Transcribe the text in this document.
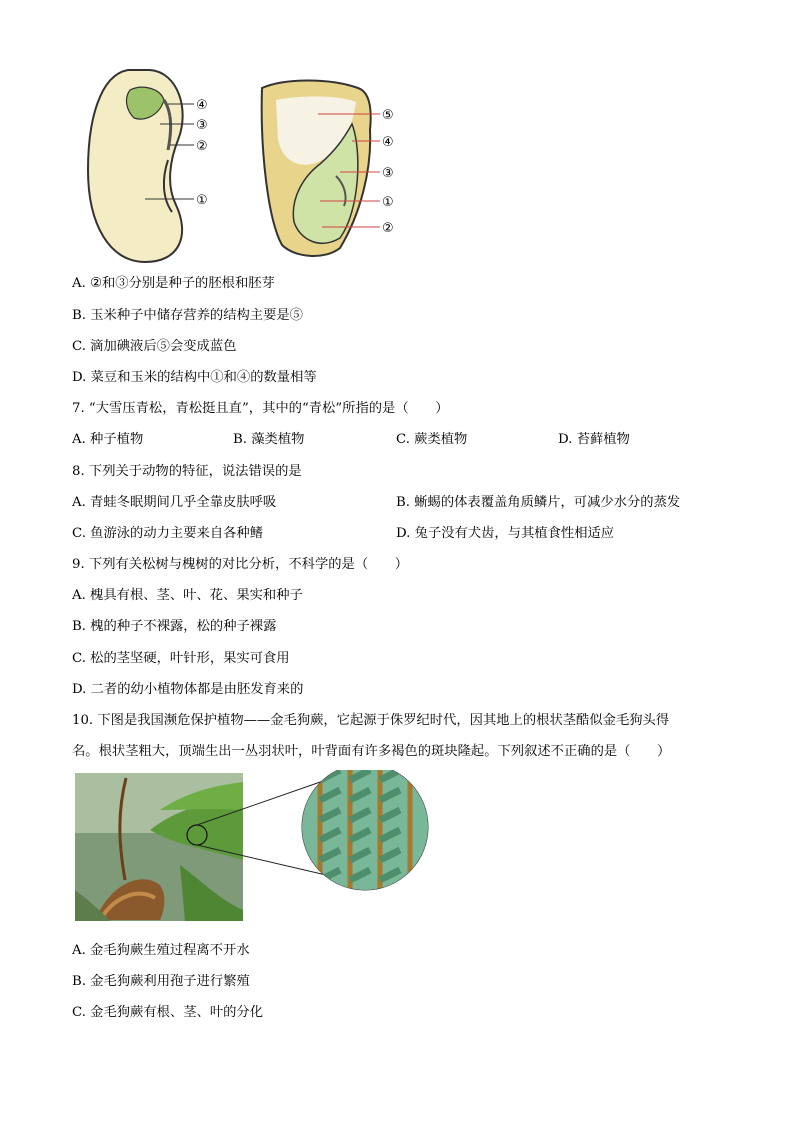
④
③
②
①
⑤
④
③
①
②
A. ②和③分别是种子的胚根和胚芽
B. 玉米种子中储存营养的结构主要是⑤
C. 滴加碘液后⑤会变成蓝色
D. 菜豆和玉米的结构中①和④的数量相等
7. “大雪压青松，青松挺且直”，其中的“青松”所指的是（　　）
A. 种子植物	B. 藻类植物	C. 蕨类植物	D. 苔藓植物
8. 下列关于动物的特征，说法错误的是
A. 青蛙冬眠期间几乎全靠皮肤呼吸	B. 蜥蜴的体表覆盖角质鳞片，可减少水分的蒸发
C. 鱼游泳的动力主要来自各种鳍	D. 兔子没有犬齿，与其植食性相适应
9. 下列有关松树与槐树的对比分析，不科学的是（　　）
A. 槐具有根、茎、叶、花、果实和种子
B. 槐的种子不裸露，松的种子裸露
C. 松的茎坚硬，叶针形，果实可食用
D. 二者的幼小植物体都是由胚发育来的
10. 下图是我国濒危保护植物——金毛狗蕨，它起源于侏罗纪时代，因其地上的根状茎酷似金毛狗头得
名。根状茎粗大，顶端生出一丛羽状叶，叶背面有许多褐色的斑块隆起。下列叙述不正确的是（　　）
A. 金毛狗蕨生殖过程离不开水
B. 金毛狗蕨利用孢子进行繁殖
C. 金毛狗蕨有根、茎、叶的分化
